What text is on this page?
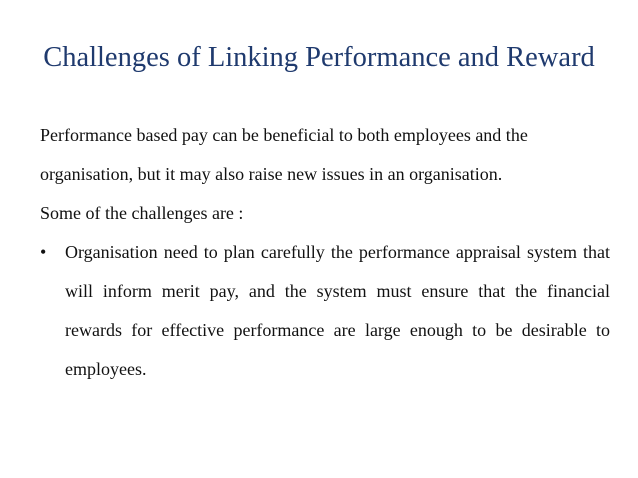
Challenges of Linking Performance and Reward

Performance based pay can be beneficial to both employees and the

organisation, but it may also raise new issues in an organisation.

Some of the challenges are :

•	Organisation need to plan carefully the performance appraisal system that will inform merit pay, and the system must ensure that the financial rewards for effective performance are large enough to be desirable to employees.
